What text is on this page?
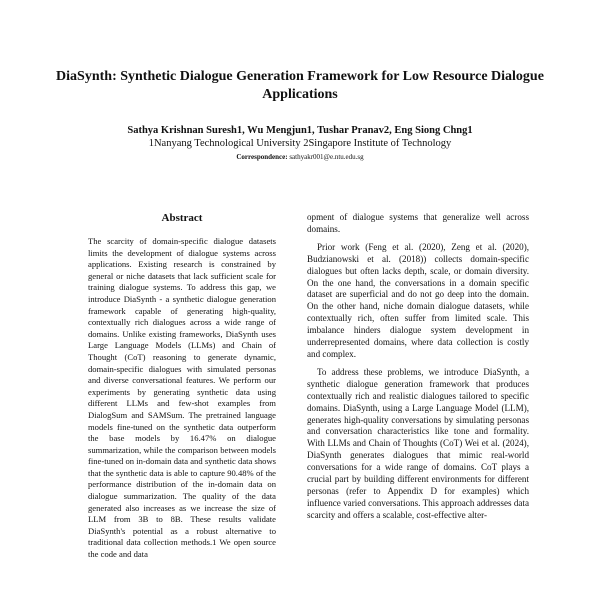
DiaSynth: Synthetic Dialogue Generation Framework for Low Resource Dialogue Applications
Sathya Krishnan Suresh1, Wu Mengjun1, Tushar Pranav2, Eng Siong Chng1
1Nanyang Technological University 2Singapore Institute of Technology
Correspondence: sathyakr001@e.ntu.edu.sg
Abstract

The scarcity of domain-specific dialogue datasets limits the development of dialogue systems across applications. Existing research is constrained by general or niche datasets that lack sufficient scale for training dialogue systems. To address this gap, we introduce DiaSynth - a synthetic dialogue generation framework capable of generating high-quality, contextually rich dialogues across a wide range of domains. Unlike existing frameworks, DiaSynth uses Large Language Models (LLMs) and Chain of Thought (CoT) reasoning to generate dynamic, domain-specific dialogues with simulated personas and diverse conversational features. We perform our experiments by generating synthetic data using different LLMs and few-shot examples from DialogSum and SAMSum. The pretrained language models fine-tuned on the synthetic data outperform the base models by 16.47% on dialogue summarization, while the comparison between models fine-tuned on in-domain data and synthetic data shows that the synthetic data is able to capture 90.48% of the performance distribution of the in-domain data on dialogue summarization. The quality of the data generated also increases as we increase the size of LLM from 3B to 8B. These results validate DiaSynth's potential as a robust alternative to traditional data collection methods.1 We open source the code and data

opment of dialogue systems that generalize well across domains.

Prior work (Feng et al. (2020), Zeng et al. (2020), Budzianowski et al. (2018)) collects domain-specific dialogues but often lacks depth, scale, or domain diversity. On the one hand, the conversations in a domain specific dataset are superficial and do not go deep into the domain. On the other hand, niche domain dialogue datasets, while contextually rich, often suffer from limited scale. This imbalance hinders dialogue system development in underrepresented domains, where data collection is costly and complex.

To address these problems, we introduce DiaSynth, a synthetic dialogue generation framework that produces contextually rich and realistic dialogues tailored to specific domains. DiaSynth, using a Large Language Model (LLM), generates high-quality conversations by simulating personas and conversation characteristics like tone and formality. With LLMs and Chain of Thoughts (CoT) Wei et al. (2024), DiaSynth generates dialogues that mimic real-world conversations for a wide range of domains. CoT plays a crucial part by building different environments for different personas (refer to Appendix D for examples) which influence varied conversations. This approach addresses data scarcity and offers a scalable, cost-effective alter-
